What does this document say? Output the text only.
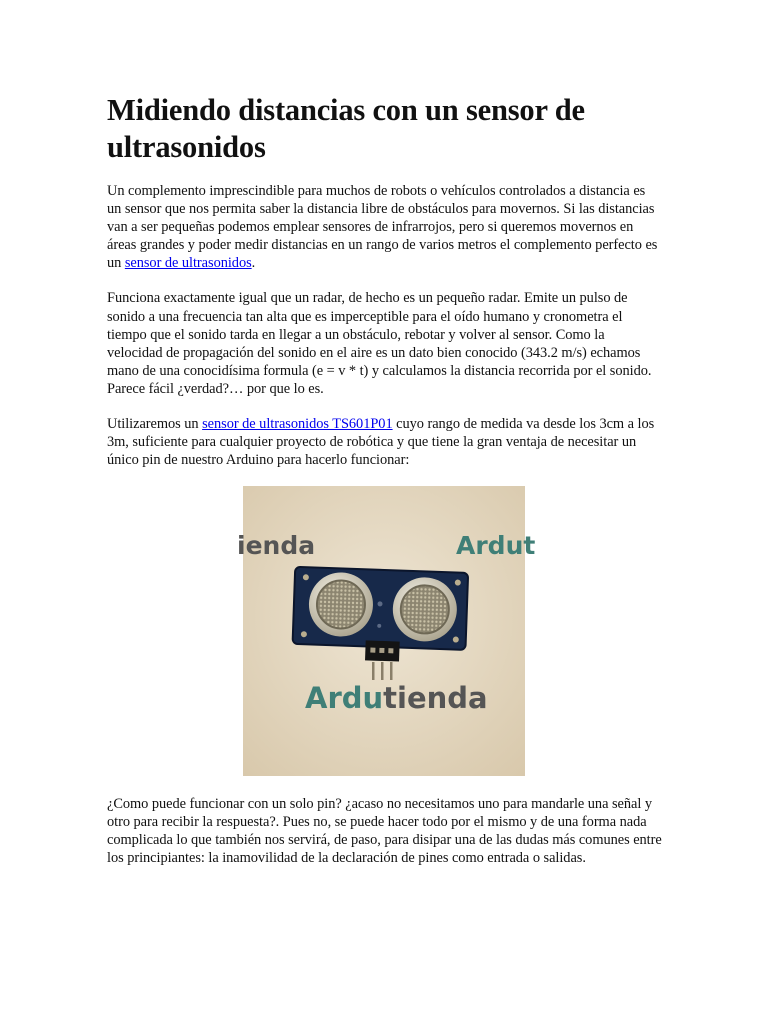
Midiendo distancias con un sensor de ultrasonidos

Un complemento imprescindible para muchos de robots o vehículos controlados a distancia es un sensor que nos permita saber la distancia libre de obstáculos para movernos. Si las distancias van a ser pequeñas podemos emplear sensores de infrarrojos, pero si queremos movernos en áreas grandes y poder medir distancias en un rango de varios metros el complemento perfecto es un sensor de ultrasonidos.

Funciona exactamente igual que un radar, de hecho es un pequeño radar. Emite un pulso de sonido a una frecuencia tan alta que es imperceptible para el oído humano y cronometra el tiempo que el sonido tarda en llegar a un obstáculo, rebotar y volver al sensor. Como la velocidad de propagación del sonido en el aire es un dato bien conocido (343.2 m/s) echamos mano de una conocidísima formula (e = v * t) y calculamos la distancia recorrida por el sonido. Parece fácil ¿verdad?… por que lo es.

Utilizaremos un sensor de ultrasonidos TS601P01 cuyo rango de medida va desde los 3cm a los 3m, suficiente para cualquier proyecto de robótica y que tiene la gran ventaja de necesitar un único pin de nuestro Arduino para hacerlo funcionar:

ienda	Ardut
Ardutienda

¿Como puede funcionar con un solo pin? ¿acaso no necesitamos uno para mandarle una señal y otro para recibir la respuesta?. Pues no, se puede hacer todo por el mismo y de una forma nada complicada lo que también nos servirá, de paso, para disipar una de las dudas más comunes entre los principiantes: la inamovilidad de la declaración de pines como entrada o salidas.
